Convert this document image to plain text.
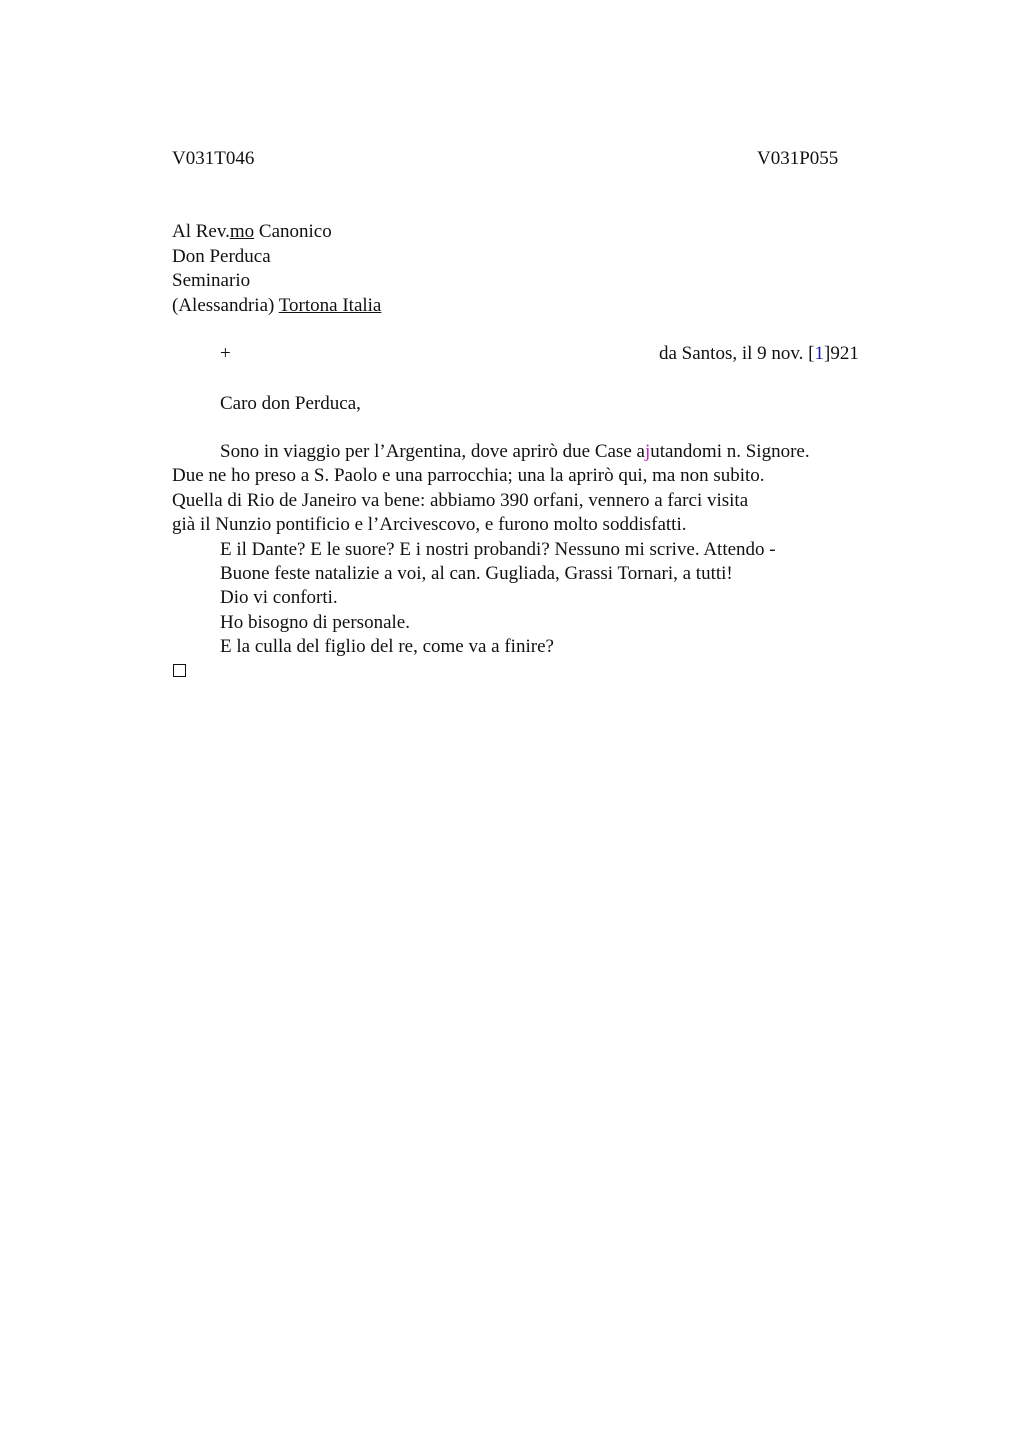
V031T046	V031P055
Al Rev.mo Canonico
Don Perduca
Seminario
(Alessandria) Tortona Italia
+	da Santos, il 9 nov. [1]921
Caro don Perduca,
Sono in viaggio per l’Argentina, dove aprirò due Case ajutandomi n. Signore.
Due ne ho preso a S. Paolo e una parrocchia; una la aprirò qui, ma non subito.
Quella di Rio de Janeiro va bene: abbiamo 390 orfani, vennero a farci visita
già il Nunzio pontificio e l’Arcivescovo, e furono molto soddisfatti.
E il Dante? E le suore? E i nostri probandi? Nessuno mi scrive. Attendo -
Buone feste natalizie a voi, al can. Gugliada, Grassi Tornari, a tutti!
Dio vi conforti.
Ho bisogno di personale.
E la culla del figlio del re, come va a finire?
